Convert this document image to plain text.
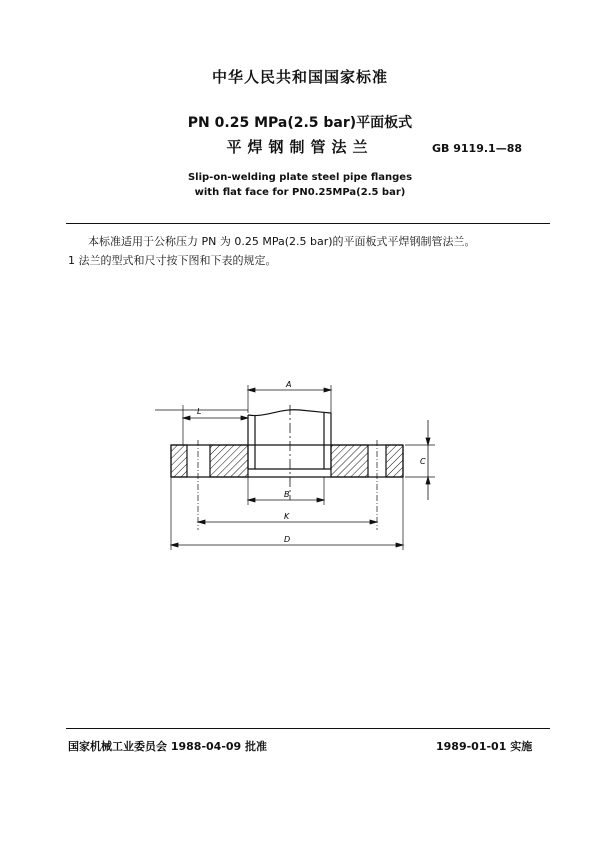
中华人民共和国国家标准
PN 0.25 MPa(2.5 bar)平面板式
平焊钢制管法兰	GB 9119.1—88
Slip-on-welding plate steel pipe flanges
with flat face for PN0.25MPa(2.5 bar)
本标准适用于公称压力 PN 为 0.25 MPa(2.5 bar)的平面板式平焊钢制管法兰。
1 法兰的型式和尺寸按下图和下表的规定。
A
L
C
B
K
D
国家机械工业委员会 1988-04-09 批准	1989-01-01 实施
